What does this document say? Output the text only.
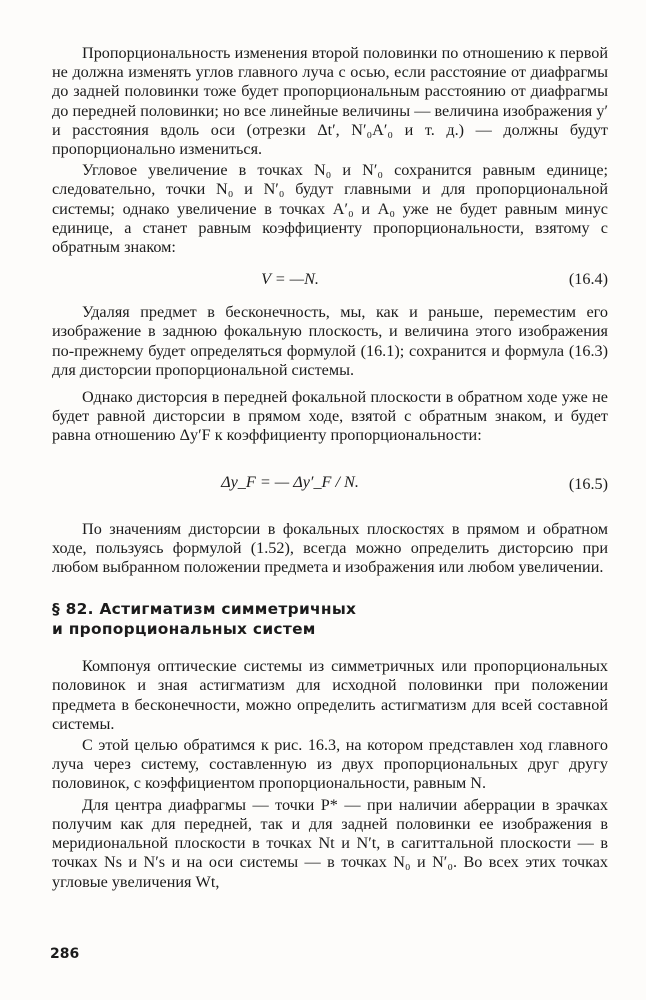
Пропорциональность изменения второй половинки по отношению к первой не должна изменять углов главного луча с осью, если расстояние от диафрагмы до задней половинки тоже будет пропорциональным расстоянию от диафрагмы до передней половинки; но все линейные величины — величина изображения y′ и расстояния вдоль оси (отрезки Δt′, N′₀A′₀ и т. д.) — должны будут пропорционально измениться.

Угловое увеличение в точках N₀ и N′₀ сохранится равным единице; следовательно, точки N₀ и N′₀ будут главными и для пропорциональной системы; однако увеличение в точках A′₀ и A₀ уже не будет равным минус единице, а станет равным коэффициенту пропорциональности, взятому с обратным знаком:

V = —N.	(16.4)

Удаляя предмет в бесконечность, мы, как и раньше, переместим его изображение в заднюю фокальную плоскость, и величина этого изображения по-прежнему будет определяться формулой (16.1); сохранится и формула (16.3) для дисторсии пропорциональной системы.

Однако дисторсия в передней фокальной плоскости в обратном ходе уже не будет равной дисторсии в прямом ходе, взятой с обратным знаком, и будет равна отношению Δy′F к коэффициенту пропорциональности:

Δy_F = — Δy′_F / N.	(16.5)

По значениям дисторсии в фокальных плоскостях в прямом и обратном ходе, пользуясь формулой (1.52), всегда можно определить дисторсию при любом выбранном положении предмета и изображения или любом увеличении.

§ 82. Астигматизм симметричных
и пропорциональных систем

Компонуя оптические системы из симметричных или пропорциональных половинок и зная астигматизм для исходной половинки при положении предмета в бесконечности, можно определить астигматизм для всей составной системы.

С этой целью обратимся к рис. 16.3, на котором представлен ход главного луча через систему, составленную из двух пропорциональных друг другу половинок, с коэффициентом пропорциональности, равным N.

Для центра диафрагмы — точки P* — при наличии аберрации в зрачках получим как для передней, так и для задней половинки ее изображения в меридиональной плоскости в точках Nt и N′t, в сагиттальной плоскости — в точках Ns и N′s и на оси системы — в точках N₀ и N′₀. Во всех этих точках угловые увеличения Wt,

286
